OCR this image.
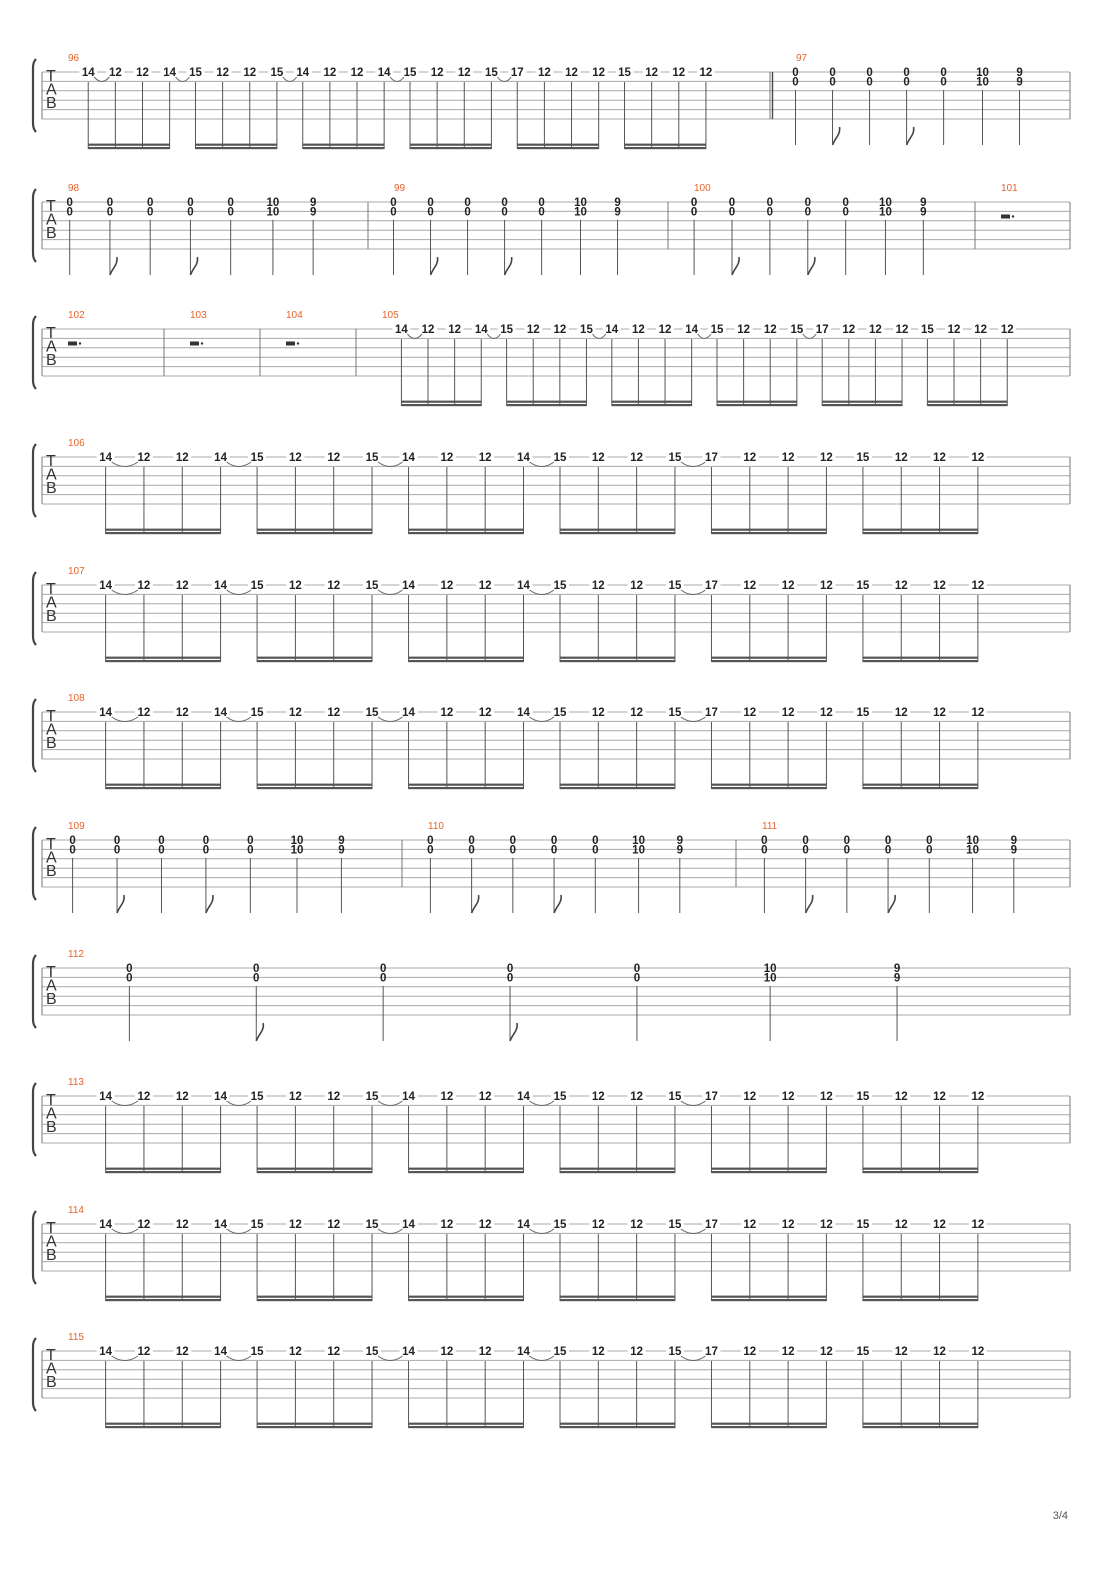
T
A
B
96
14 12 12 14 15 12 12 15 14 12 12 14 15 12 12 15 17 12 12 12 15 12 12 12
97
0
0
0
0
0
0
0
0
0
0
10
10
9
9
T
A
B
98
0
0
0
0
0
0
0
0
0
0
10
10
9
9
99
0
0
0
0
0
0
0
0
0
0
10
10
9
9
100
0
0
0
0
0
0
0
0
0
0
10
10
9
9
101
T
A
B
102	103	104	105
14 12 12 14 15 12 12 15 14 12 12 14 15 12 12 15 17 12 12 12 15 12 12 12
T
A
B
106
14 12 12 14 15 12 12 15 14 12 12 14 15 12 12 15 17 12 12 12 15 12 12 12
T
A
B
107
14 12 12 14 15 12 12 15 14 12 12 14 15 12 12 15 17 12 12 12 15 12 12 12
T
A
B
108
14 12 12 14 15 12 12 15 14 12 12 14 15 12 12 15 17 12 12 12 15 12 12 12
T
A
B
109
0
0
0
0
0
0
0
0
0
0
10
10
9
9
110
0
0
0
0
0
0
0
0
0
0
10
10
9
9
111
0
0
0
0
0
0
0
0
0
0
10
10
9
9
T
A
B
112
0
0
0
0
0
0
0
0
0
0
10
10
9
9
T
A
B
113
14 12 12 14 15 12 12 15 14 12 12 14 15 12 12 15 17 12 12 12 15 12 12 12
T
A
B
114
14 12 12 14 15 12 12 15 14 12 12 14 15 12 12 15 17 12 12 12 15 12 12 12
T
A
B
115
14 12 12 14 15 12 12 15 14 12 12 14 15 12 12 15 17 12 12 12 15 12 12 12
3/4
